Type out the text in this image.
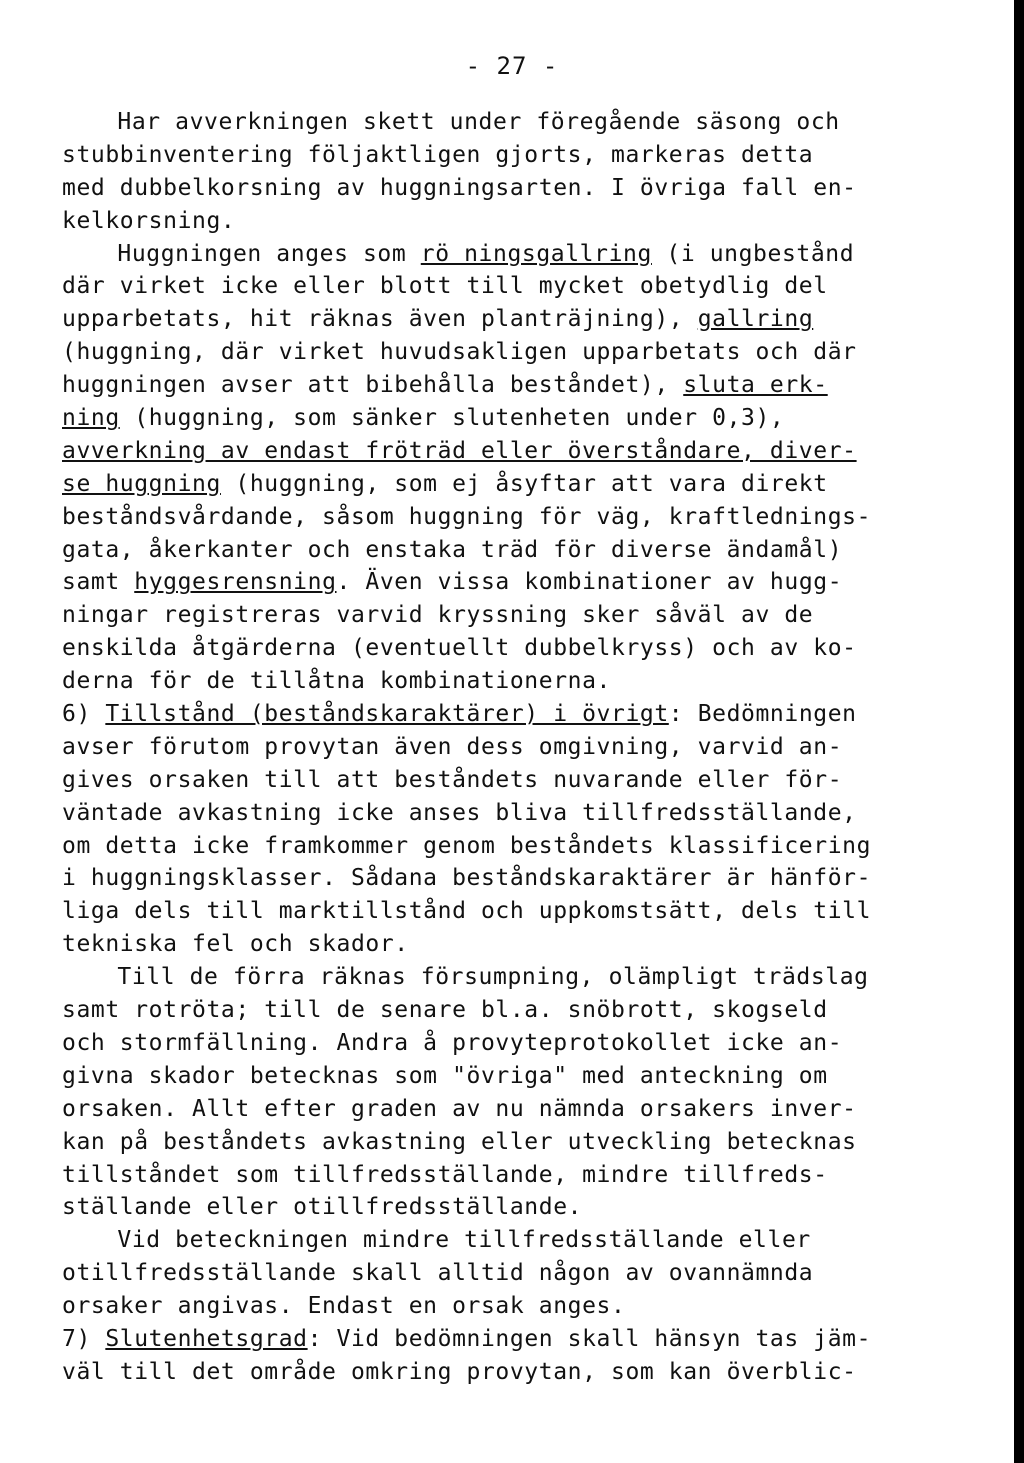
- 27 -
Har avverkningen skett under föregående säsong och
stubbinventering följaktligen gjorts, markeras detta
med dubbelkorsning av huggningsarten. I övriga fall en-
kelkorsning.
Huggningen anges som rö ningsgallring (i ungbestånd
där virket icke eller blott till mycket obetydlig del
upparbetats, hit räknas även planträjning), gallring
(huggning, där virket huvudsakligen upparbetats och där
huggningen avser att bibehålla beståndet), sluta erk-
ning (huggning, som sänker slutenheten under 0,3),
avverkning av endast fröträd eller överståndare, diver-
se huggning (huggning, som ej åsyftar att vara direkt
beståndsvårdande, såsom huggning för väg, kraftlednings-
gata, åkerkanter och enstaka träd för diverse ändamål)
samt hyggesrensning. Även vissa kombinationer av hugg-
ningar registreras varvid kryssning sker såväl av de
enskilda åtgärderna (eventuellt dubbelkryss) och av ko-
derna för de tillåtna kombinationerna.
6) Tillstånd (beståndskaraktärer) i övrigt: Bedömningen
avser förutom provytan även dess omgivning, varvid an-
gives orsaken till att beståndets nuvarande eller för-
väntade avkastning icke anses bliva tillfredsställande,
om detta icke framkommer genom beståndets klassificering
i huggningsklasser. Sådana beståndskaraktärer är hänför-
liga dels till marktillstånd och uppkomstsätt, dels till
tekniska fel och skador.
Till de förra räknas försumpning, olämpligt trädslag
samt rotröta; till de senare bl.a. snöbrott, skogseld
och stormfällning. Andra å provyteprotokollet icke an-
givna skador betecknas som "övriga" med anteckning om
orsaken. Allt efter graden av nu nämnda orsakers inver-
kan på beståndets avkastning eller utveckling betecknas
tillståndet som tillfredsställande, mindre tillfreds-
ställande eller otillfredsställande.
Vid beteckningen mindre tillfredsställande eller
otillfredsställande skall alltid någon av ovannämnda
orsaker angivas. Endast en orsak anges.
7) Slutenhetsgrad: Vid bedömningen skall hänsyn tas jäm-
väl till det område omkring provytan, som kan överblic-
